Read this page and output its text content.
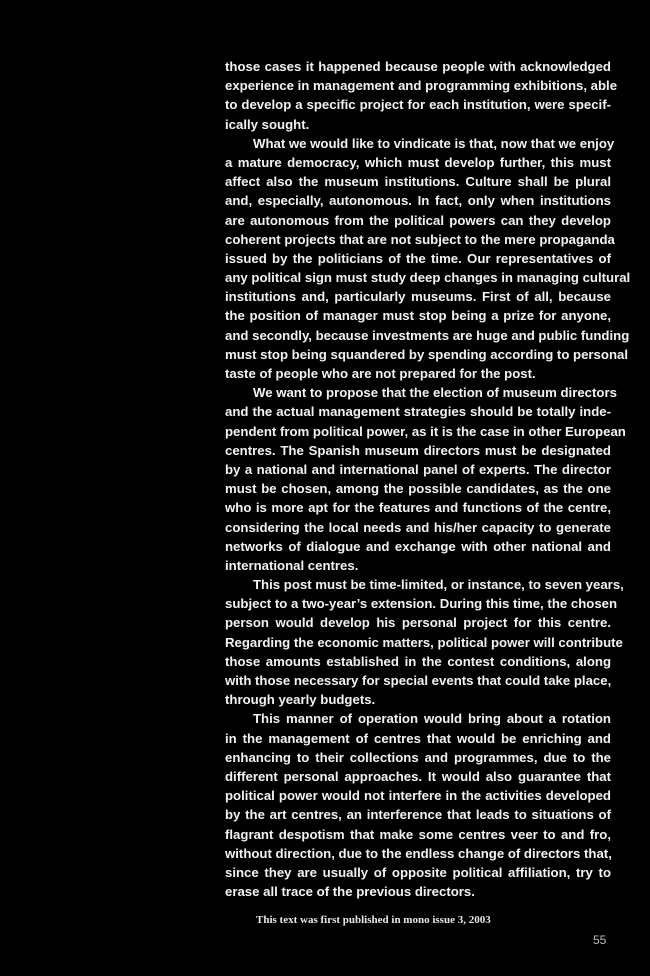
those cases it happened because people with acknowledged
experience in management and programming exhibitions, able
to develop a specific project for each institution, were specif-
ically sought.
What we would like to vindicate is that, now that we enjoy
a mature democracy, which must develop further, this must
affect also the museum institutions. Culture shall be plural
and, especially, autonomous. In fact, only when institutions
are autonomous from the political powers can they develop
coherent projects that are not subject to the mere propaganda
issued by the politicians of the time. Our representatives of
any political sign must study deep changes in managing cultural
institutions and, particularly museums. First of all, because
the position of manager must stop being a prize for anyone,
and secondly, because investments are huge and public funding
must stop being squandered by spending according to personal
taste of people who are not prepared for the post.
We want to propose that the election of museum directors
and the actual management strategies should be totally inde-
pendent from political power, as it is the case in other European
centres. The Spanish museum directors must be designated
by a national and international panel of experts. The director
must be chosen, among the possible candidates, as the one
who is more apt for the features and functions of the centre,
considering the local needs and his/her capacity to generate
networks of dialogue and exchange with other national and
international centres.
This post must be time-limited, or instance, to seven years,
subject to a two-year’s extension. During this time, the chosen
person would develop his personal project for this centre.
Regarding the economic matters, political power will contribute
those amounts established in the contest conditions, along
with those necessary for special events that could take place,
through yearly budgets.
This manner of operation would bring about a rotation
in the management of centres that would be enriching and
enhancing to their collections and programmes, due to the
different personal approaches. It would also guarantee that
political power would not interfere in the activities developed
by the art centres, an interference that leads to situations of
flagrant despotism that make some centres veer to and fro,
without direction, due to the endless change of directors that,
since they are usually of opposite political affiliation, try to
erase all trace of the previous directors.
This text was first published in mono issue 3, 2003
55
